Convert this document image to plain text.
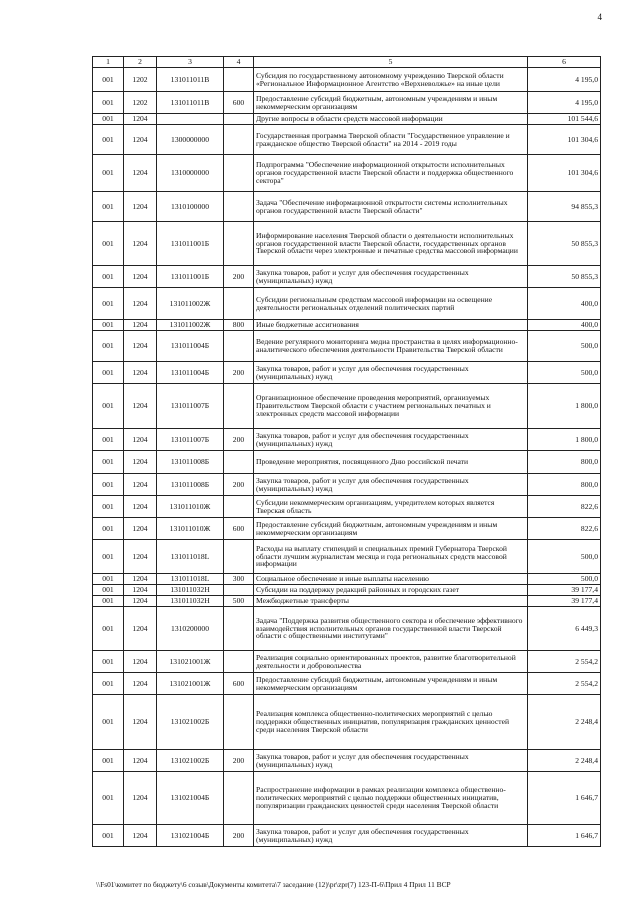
4
1	2	3	4	5	6
001	1202	131011011В		Субсидия по государственному автономному учреждению Тверской области «Региональное Информационное Агентство «Верхневолжье» на иные цели	4 195,0
001	1202	131011011В	600	Предоставление субсидий бюджетным, автономным учреждениям и иным некоммерческим организациям	4 195,0
001	1204			Другие вопросы в области средств массовой информации	101 544,6
001	1204	1300000000		Государственная программа Тверской области "Государственное управление и гражданское общество Тверской области" на 2014 - 2019 годы	101 304,6
001	1204	1310000000		Подпрограмма "Обеспечение информационной открытости исполнительных органов государственной власти Тверской области и поддержка общественного сектора"	101 304,6
001	1204	1310100000		Задача "Обеспечение информационной открытости системы исполнительных органов государственной власти Тверской области"	94 855,3
001	1204	131011001Б		Информирование населения Тверской области о деятельности исполнительных органов государственной власти Тверской области, государственных органов Тверской области через электронные и печатные средства массовой информации	50 855,3
001	1204	131011001Б	200	Закупка товаров, работ и услуг для обеспечения государственных (муниципальных) нужд	50 855,3
001	1204	131011002Ж		Субсидии региональным средствам массовой информации на освещение деятельности региональных отделений политических партий	400,0
001	1204	131011002Ж	800	Иные бюджетные ассигнования	400,0
001	1204	131011004Б		Ведение регулярного мониторинга медиа пространства в целях информационно-аналитического обеспечения деятельности Правительства Тверской области	500,0
001	1204	131011004Б	200	Закупка товаров, работ и услуг для обеспечения государственных (муниципальных) нужд	500,0
001	1204	131011007Б		Организационное обеспечение проведения мероприятий, организуемых Правительством Тверской области с участием региональных печатных и электронных средств массовой информации	1 800,0
001	1204	131011007Б	200	Закупка товаров, работ и услуг для обеспечения государственных (муниципальных) нужд	1 800,0
001	1204	131011008Б		Проведение мероприятия, посвященного Дню российской печати	800,0
001	1204	131011008Б	200	Закупка товаров, работ и услуг для обеспечения государственных (муниципальных) нужд	800,0
001	1204	131011010Ж		Субсидии некоммерческим организациям, учредителем которых является Тверская область	822,6
001	1204	131011010Ж	600	Предоставление субсидий бюджетным, автономным учреждениям и иным некоммерческим организациям	822,6
001	1204	131011018L		Расходы на выплату стипендий и специальных премий Губернатора Тверской области лучшим журналистам месяца и года региональных средств массовой информации	500,0
001	1204	131011018L	300	Социальное обеспечение и иные выплаты населению	500,0
001	1204	131011032Н		Субсидии на поддержку редакций районных и городских газет	39 177,4
001	1204	131011032Н	500	Межбюджетные трансферты	39 177,4
001	1204	1310200000		Задача "Поддержка развития общественного сектора и обеспечение эффективного взаимодействия исполнительных органов государственной власти Тверской области с общественными институтами"	6 449,3
001	1204	131021001Ж		Реализация социально ориентированных проектов, развитие благотворительной деятельности и добровольчества	2 554,2
001	1204	131021001Ж	600	Предоставление субсидий бюджетным, автономным учреждениям и иным некоммерческим организациям	2 554,2
001	1204	131021002Б		Реализация комплекса общественно-политических мероприятий с целью поддержки общественных инициатив, популяризация гражданских ценностей среди населения Тверской области	2 248,4
001	1204	131021002Б	200	Закупка товаров, работ и услуг для обеспечения государственных (муниципальных) нужд	2 248,4
001	1204	131021004Б		Распространение информации в рамках реализации комплекса общественно-политических мероприятий с целью поддержки общественных инициатив, популяризации гражданских ценностей среди населения Тверской области	1 646,7
001	1204	131021004Б	200	Закупка товаров, работ и услуг для обеспечения государственных (муниципальных) нужд	1 646,7
\\Fs01\комитет по бюджету\6 созыв\Документы комитета\7 заседание (12)\pr\zpr(7) 123-П-6\Прил 4 Прил 11 ВСР
